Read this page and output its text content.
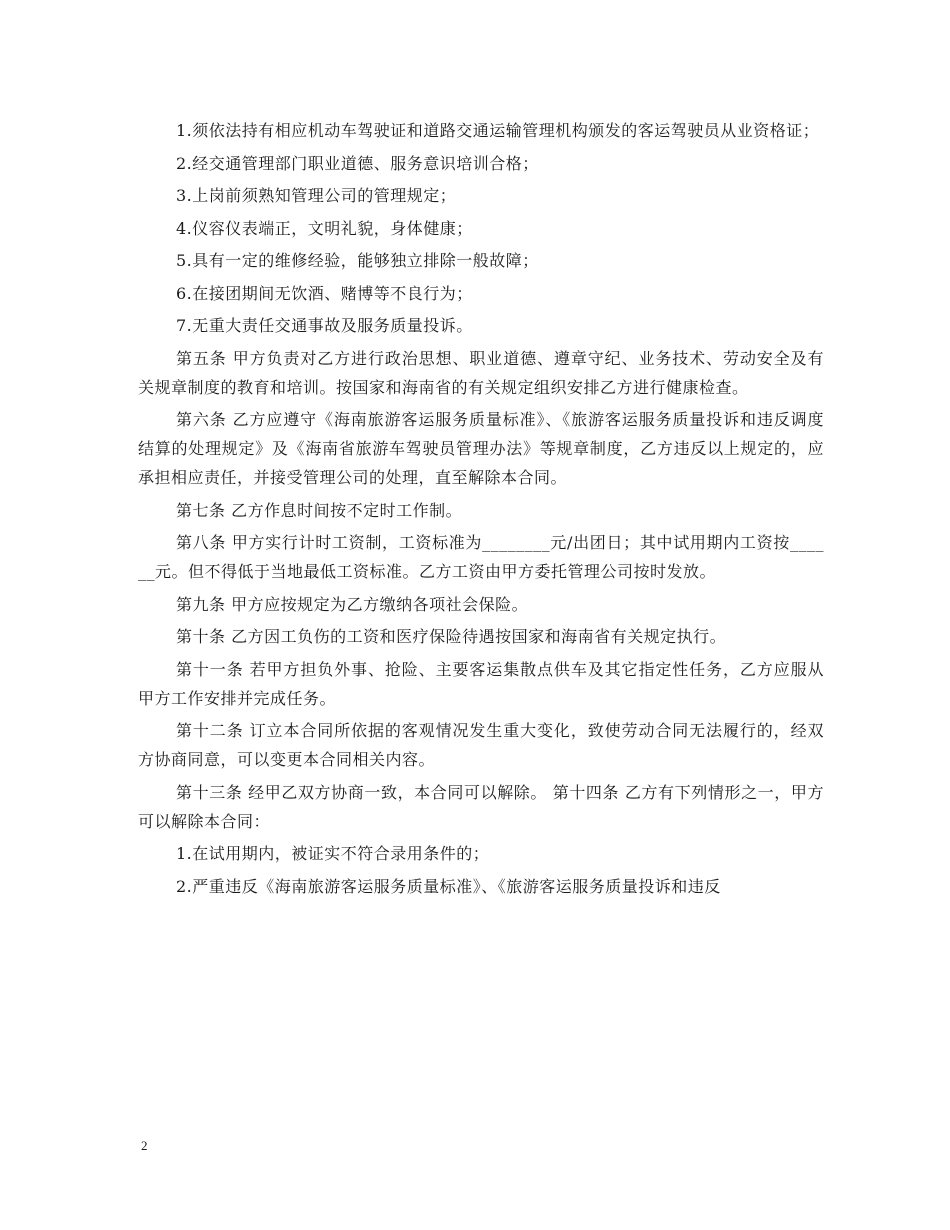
1.须依法持有相应机动车驾驶证和道路交通运输管理机构颁发的客运驾驶员从业资格证；

2.经交通管理部门职业道德、服务意识培训合格；

3.上岗前须熟知管理公司的管理规定；

4.仪容仪表端正，文明礼貌，身体健康；

5.具有一定的维修经验，能够独立排除一般故障；

6.在接团期间无饮酒、赌博等不良行为；

7.无重大责任交通事故及服务质量投诉。

第五条 甲方负责对乙方进行政治思想、职业道德、遵章守纪、业务技术、劳动安全及有关规章制度的教育和培训。按国家和海南省的有关规定组织安排乙方进行健康检查。

第六条 乙方应遵守《海南旅游客运服务质量标准》、《旅游客运服务质量投诉和违反调度结算的处理规定》及《海南省旅游车驾驶员管理办法》等规章制度，乙方违反以上规定的，应承担相应责任，并接受管理公司的处理，直至解除本合同。

第七条 乙方作息时间按不定时工作制。

第八条 甲方实行计时工资制，工资标准为________元/出团日；其中试用期内工资按______元。但不得低于当地最低工资标准。乙方工资由甲方委托管理公司按时发放。

第九条 甲方应按规定为乙方缴纳各项社会保险。

第十条 乙方因工负伤的工资和医疗保险待遇按国家和海南省有关规定执行。

第十一条 若甲方担负外事、抢险、主要客运集散点供车及其它指定性任务，乙方应服从甲方工作安排并完成任务。

第十二条 订立本合同所依据的客观情况发生重大变化，致使劳动合同无法履行的，经双方协商同意，可以变更本合同相关内容。

第十三条 经甲乙双方协商一致，本合同可以解除。 第十四条 乙方有下列情形之一，甲方可以解除本合同：

1.在试用期内，被证实不符合录用条件的；

2.严重违反《海南旅游客运服务质量标准》、《旅游客运服务质量投诉和违反

2
